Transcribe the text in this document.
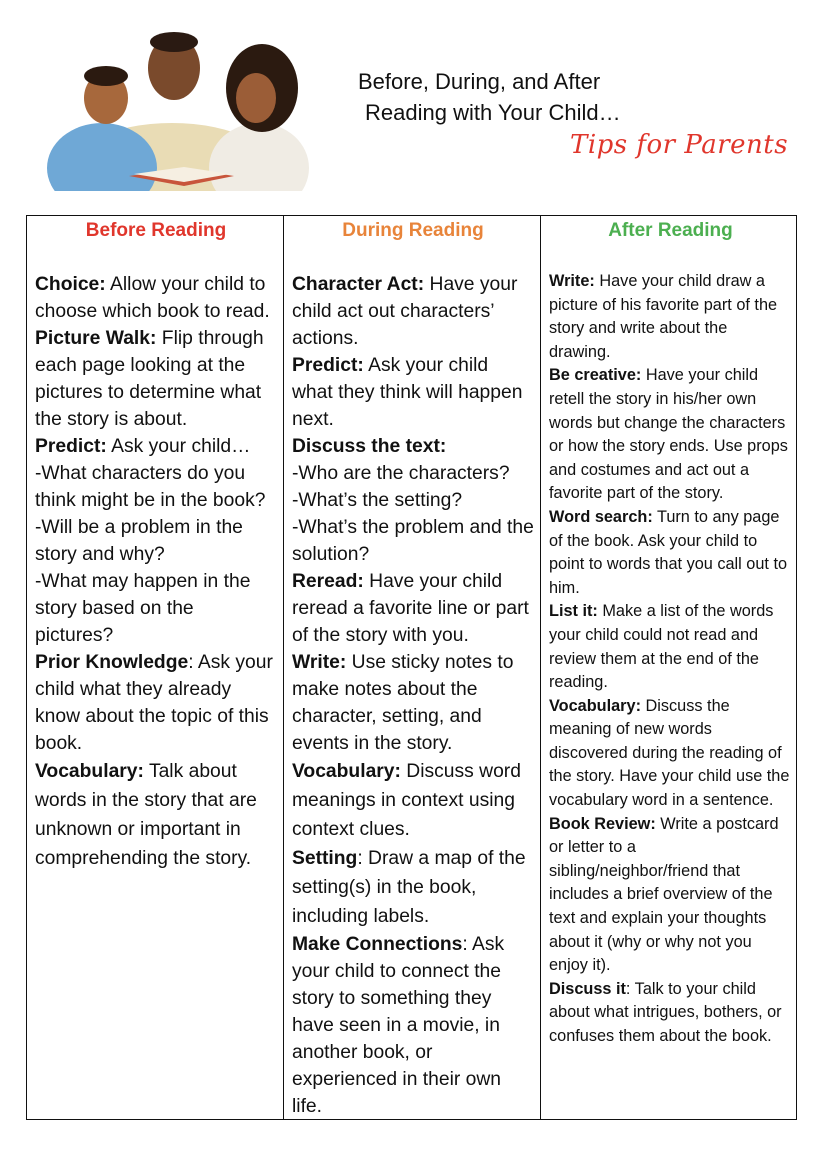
Before, During, and After
Reading with Your Child…
Tips for Parents
Before Reading

Choice: Allow your child to choose which book to read.

Picture Walk: Flip through each page looking at the pictures to determine what the story is about.

Predict: Ask your child…

-What characters do you think might be in the book?

-Will be a problem in the story and why?

-What may happen in the story based on the pictures?

Prior Knowledge: Ask your child what they already know about the topic of this book.

Vocabulary: Talk about words in the story that are unknown or important in comprehending the story.

During Reading

Character Act: Have your child act out characters’ actions.

Predict: Ask your child what they think will happen next.

Discuss the text:

-Who are the characters?

-What’s the setting?

-What’s the problem and the solution?

Reread: Have your child reread a favorite line or part of the story with you.

Write: Use sticky notes to make notes about the character, setting, and events in the story.

Vocabulary: Discuss word meanings in context using context clues.

Setting: Draw a map of the setting(s) in the book, including labels.

Make Connections: Ask your child to connect the story to something they have seen in a movie, in another book, or experienced in their own life.

After Reading

Write: Have your child draw a picture of his favorite part of the story and write about the drawing.

Be creative: Have your child retell the story in his/her own words but change the characters or how the story ends. Use props and costumes and act out a favorite part of the story.

Word search: Turn to any page of the book. Ask your child to point to words that you call out to him.

List it: Make a list of the words your child could not read and review them at the end of the reading.

Vocabulary: Discuss the meaning of new words discovered during the reading of the story. Have your child use the vocabulary word in a sentence.

Book Review: Write a postcard or letter to a sibling/neighbor/friend that includes a brief overview of the text and explain your thoughts about it (why or why not you enjoy it).

Discuss it: Talk to your child about what intrigues, bothers, or confuses them about the book.
